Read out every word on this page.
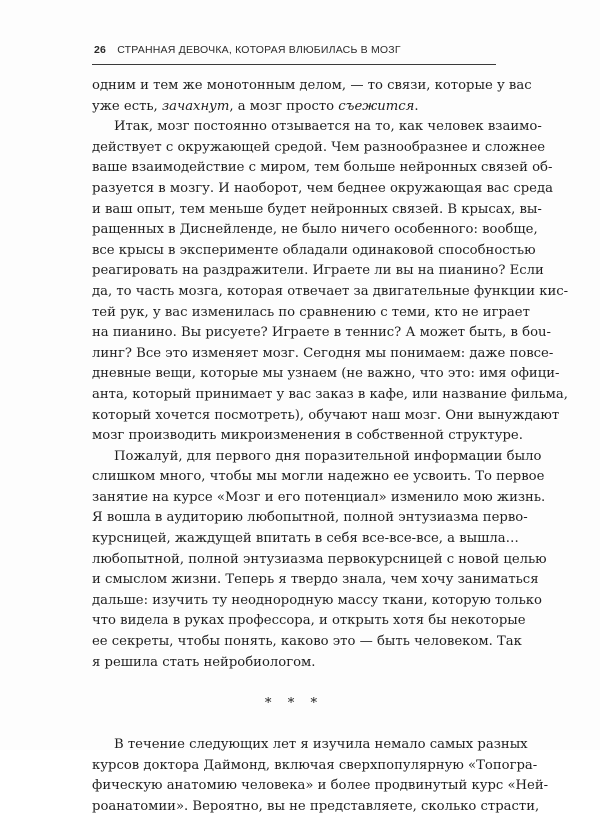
26 СТРАННАЯ ДЕВОЧКА, КОТОРАЯ ВЛЮБИЛАСЬ В МОЗГ
одним и тем же монотонным делом, — то связи, которые у вас
уже есть, зачахнут, а мозг просто съежится.
Итак, мозг постоянно отзывается на то, как человек взаимо-
действует с окружающей средой. Чем разнообразнее и сложнее
ваше взаимодействие с миром, тем больше нейронных связей об-
разуется в мозгу. И наоборот, чем беднее окружающая вас среда
и ваш опыт, тем меньше будет нейронных связей. В крысах, вы-
ращенных в Диснейленде, не было ничего особенного: вообще,
все крысы в эксперименте обладали одинаковой способностью
реагировать на раздражители. Играете ли вы на пианино? Если
да, то часть мозга, которая отвечает за двигательные функции кис-
тей рук, у вас изменилась по сравнению с теми, кто не играет
на пианино. Вы рисуете? Играете в теннис? А может быть, в бou-
линг? Все это изменяет мозг. Сегодня мы понимаем: даже повсе-
дневные вещи, которые мы узнаем (не важно, что это: имя офици-
анта, который принимает у вас заказ в кафе, или название фильма,
который хочется посмотреть), обучают наш мозг. Они вынуждают
мозг производить микроизменения в собственной структуре.
Пожалуй, для первого дня поразительной информации было
слишком много, чтобы мы могли надежно ее усвоить. То первое
занятие на курсе «Мозг и его потенциал» изменило мою жизнь.
Я вошла в аудиторию любопытной, полной энтузиазма перво-
курсницей, жаждущей впитать в себя все-все-все, а вышла…
любопытной, полной энтузиазма первокурсницей с новой целью
и смыслом жизни. Теперь я твердо знала, чем хочу заниматься
дальше: изучить ту неоднородную массу ткани, которую только
что видела в руках профессора, и открыть хотя бы некоторые
ее секреты, чтобы понять, каково это — быть человеком. Так
я решила стать нейробиологом.
* * *
В течение следующих лет я изучила немало самых разных
курсов доктора Даймонд, включая сверхпопулярную «Топогра-
фическую анатомию человека» и более продвинутый курс «Ней-
роанатомии». Вероятно, вы не представляете, сколько страсти,
